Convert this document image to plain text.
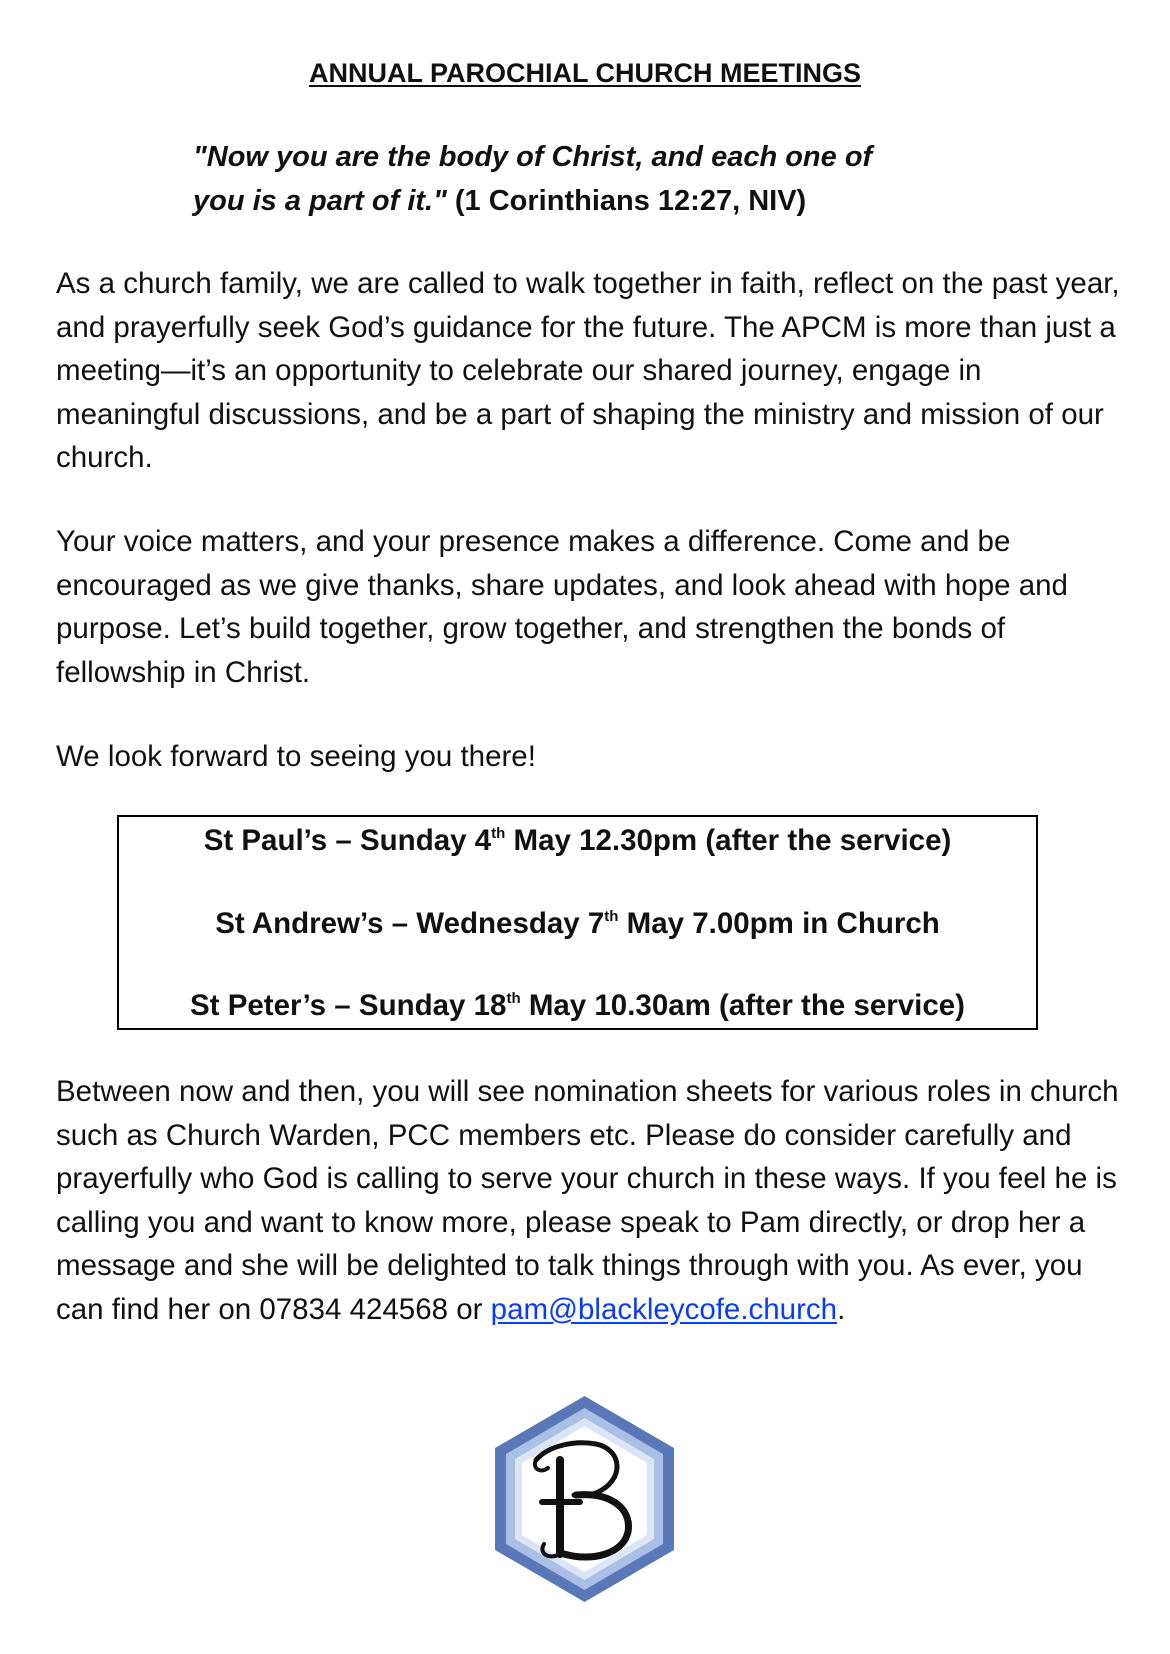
ANNUAL PAROCHIAL CHURCH MEETINGS

"Now you are the body of Christ, and each one of
you is a part of it." (1 Corinthians 12:27, NIV)

As a church family, we are called to walk together in faith, reflect on the past year, and prayerfully seek God’s guidance for the future. The APCM is more than just a meeting—it’s an opportunity to celebrate our shared journey, engage in meaningful discussions, and be a part of shaping the ministry and mission of our church.

Your voice matters, and your presence makes a difference. Come and be encouraged as we give thanks, share updates, and look ahead with hope and purpose. Let’s build together, grow together, and strengthen the bonds of fellowship in Christ.

We look forward to seeing you there!

St Paul’s – Sunday 4th May 12.30pm (after the service)

St Andrew’s – Wednesday 7th May 7.00pm in Church

St Peter’s – Sunday 18th May 10.30am (after the service)

Between now and then, you will see nomination sheets for various roles in church such as Church Warden, PCC members etc. Please do consider carefully and prayerfully who God is calling to serve your church in these ways. If you feel he is calling you and want to know more, please speak to Pam directly, or drop her a message and she will be delighted to talk things through with you. As ever, you can find her on 07834 424568 or pam@blackleycofe.church.
